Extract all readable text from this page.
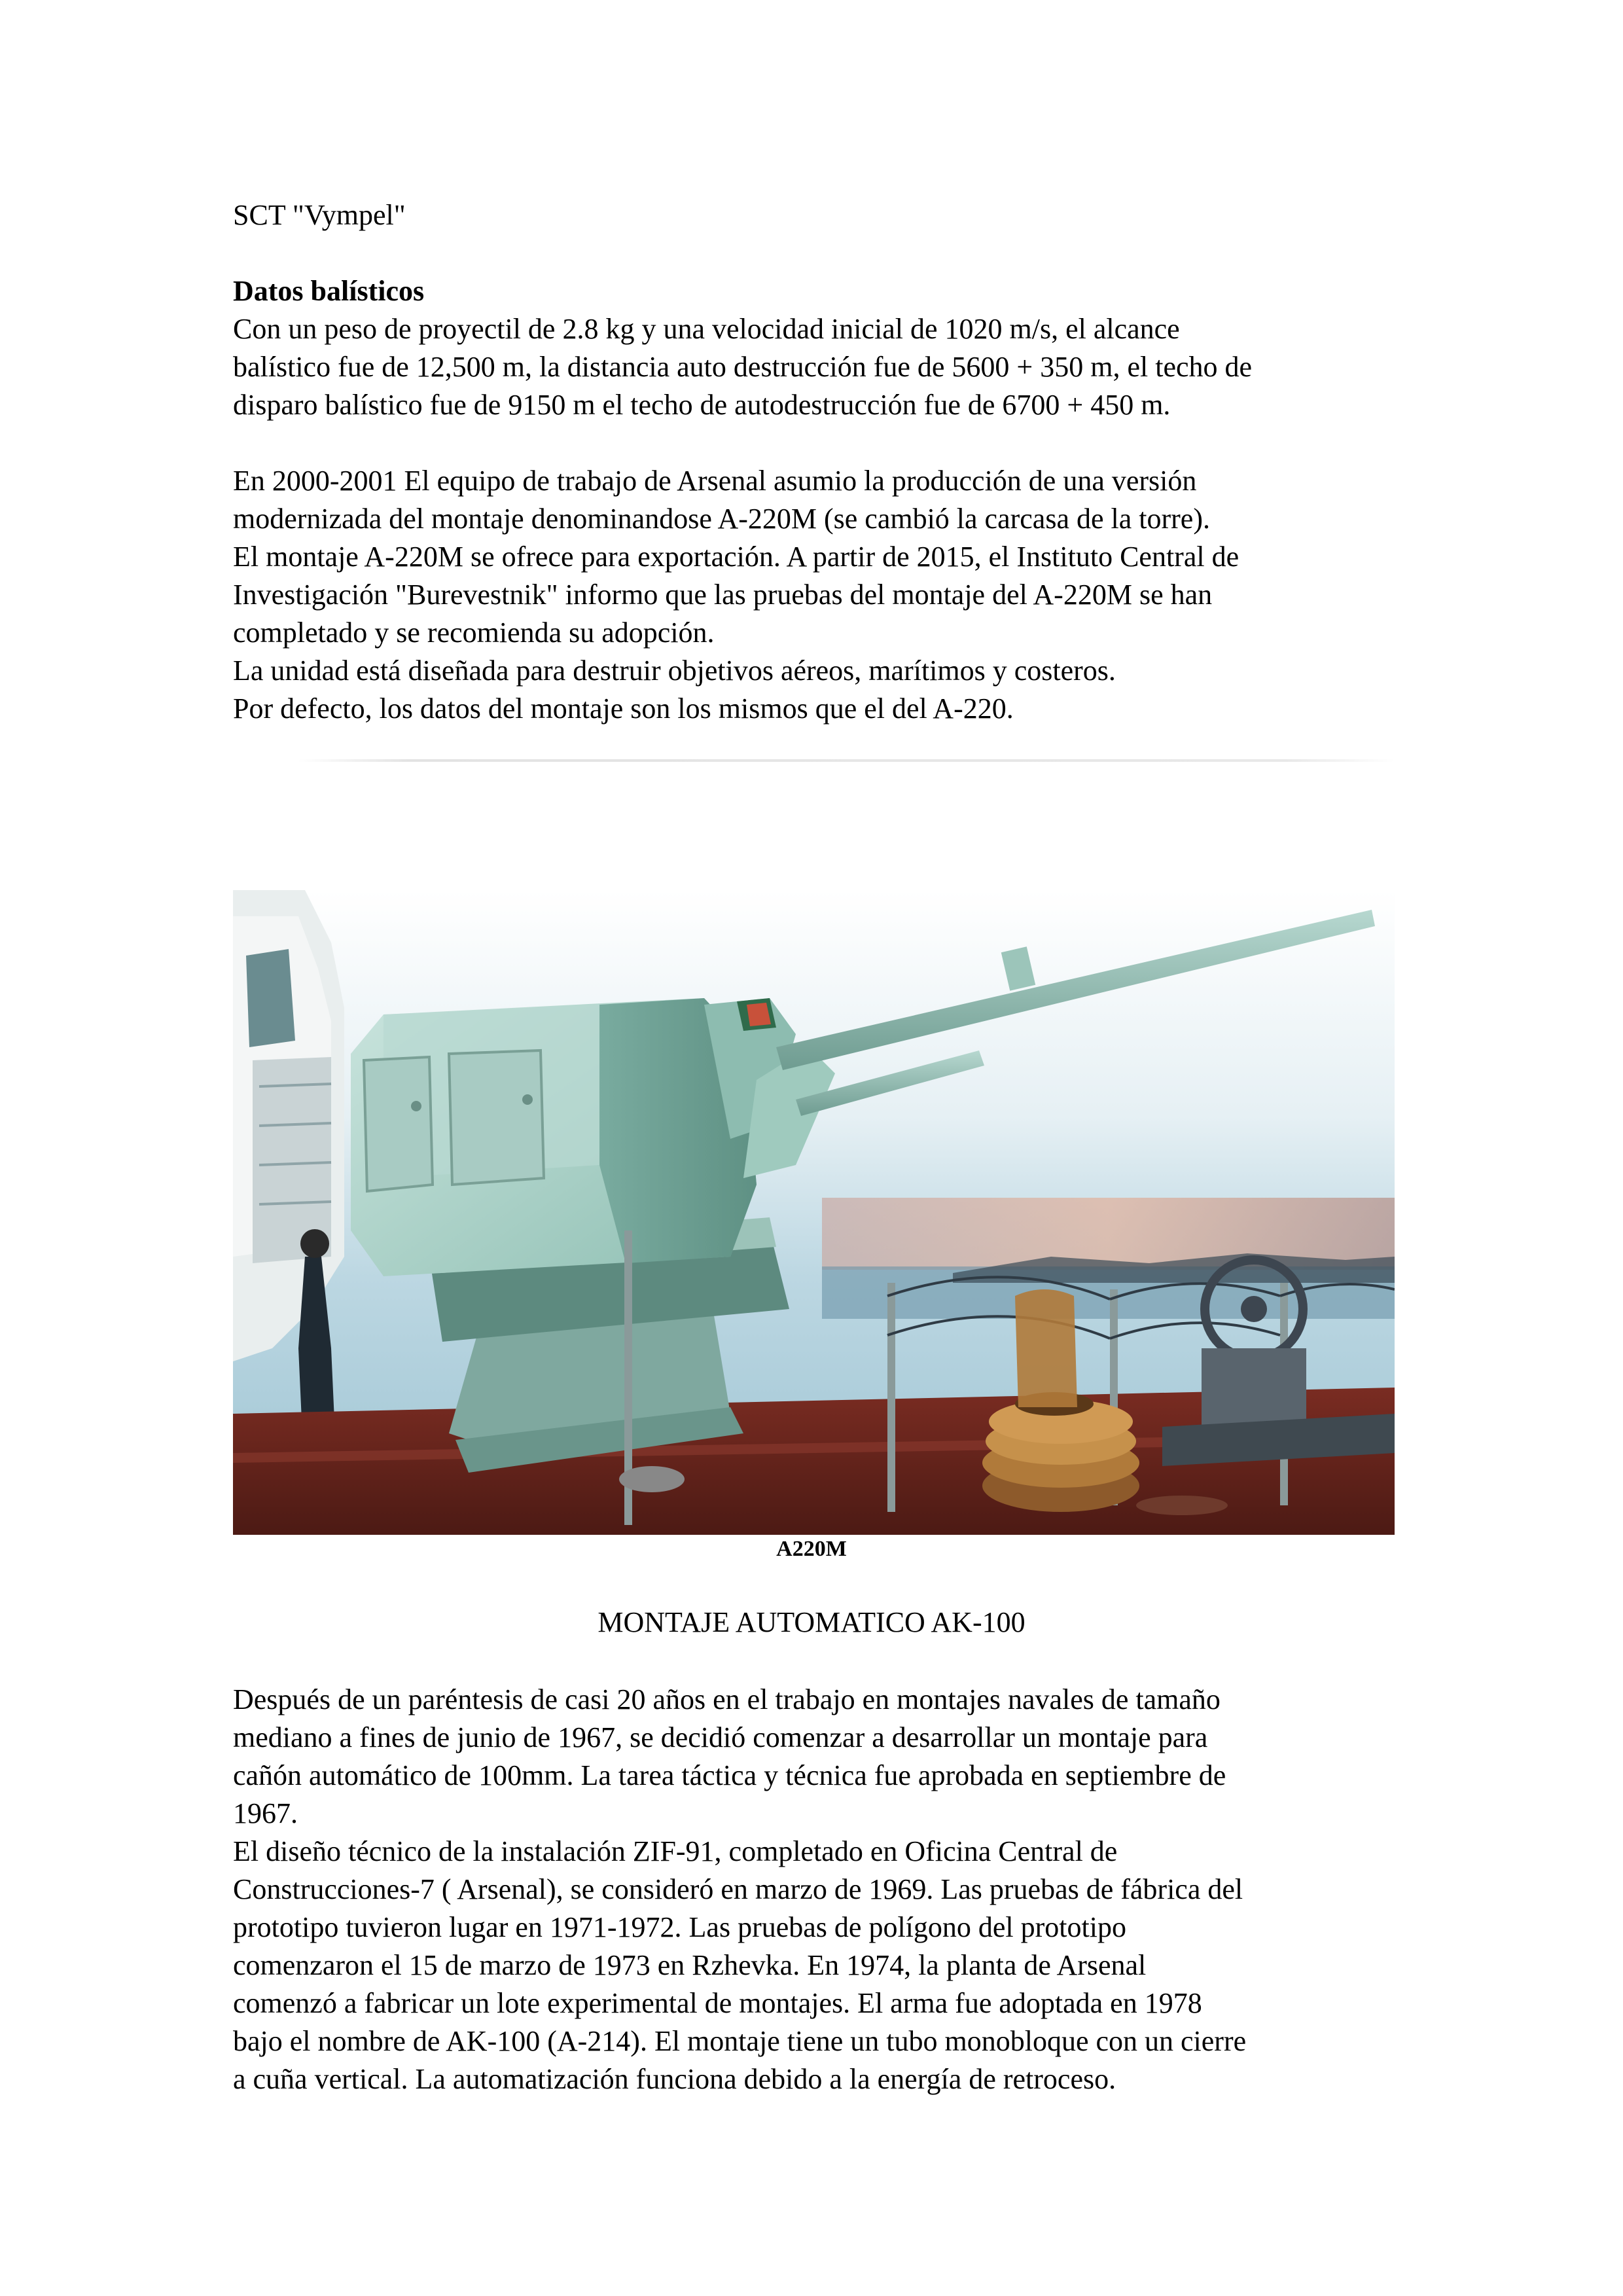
SCT "Vympel"

Datos balísticos

Con un peso de proyectil de 2.8 kg y una velocidad inicial de 1020 m/s, el alcance

balístico fue de 12,500 m, la distancia auto destrucción fue de 5600 + 350 m, el techo de

disparo balístico fue de 9150 m el techo de autodestrucción fue de 6700 + 450 m.

En 2000-2001 El equipo de trabajo de Arsenal asumio la producción de una versión

modernizada del montaje denominandose A-220M (se cambió la carcasa de la torre).

El montaje A-220M se ofrece para exportación. A partir de 2015, el Instituto Central de

Investigación "Burevestnik" informo que las pruebas del montaje del A-220M se han

completado y se recomienda su adopción.

La unidad está diseñada para destruir objetivos aéreos, marítimos y costeros.

Por defecto, los datos del montaje son los mismos que el del A-220.

A220M
MONTAJE AUTOMATICO AK-100

Después de un paréntesis de casi 20 años en el trabajo en montajes navales de tamaño

mediano a fines de junio de 1967, se decidió comenzar a desarrollar un montaje para

cañón automático de 100mm. La tarea táctica y técnica fue aprobada en septiembre de

1967.

El diseño técnico de la instalación ZIF-91, completado en Oficina Central de

Construcciones-7 ( Arsenal), se consideró en marzo de 1969. Las pruebas de fábrica del

prototipo tuvieron lugar en 1971-1972. Las pruebas de polígono del prototipo

comenzaron el 15 de marzo de 1973 en Rzhevka. En 1974, la planta de Arsenal

comenzó a fabricar un lote experimental de montajes. El arma fue adoptada en 1978

bajo el nombre de AK-100 (A-214). El montaje tiene un tubo monobloque con un cierre

a cuña vertical. La automatización funciona debido a la energía de retroceso.
